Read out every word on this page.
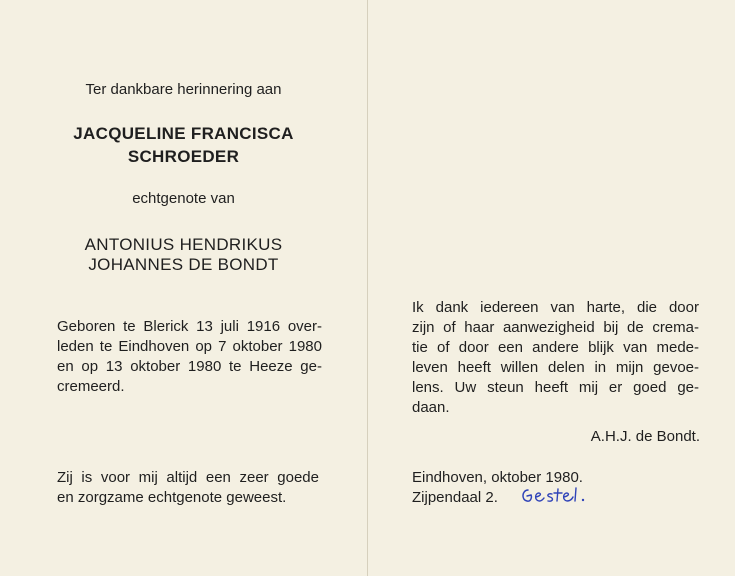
Ter dankbare herinnering aan
JACQUELINE FRANCISCA
SCHROEDER
echtgenote van
ANTONIUS HENDRIKUS
JOHANNES DE BONDT
Geboren te Blerick 13 juli 1916 over-
leden te Eindhoven op 7 oktober 1980
en op 13 oktober 1980 te Heeze ge-
cremeerd.
Zij is voor mij altijd een zeer goede
en zorgzame echtgenote geweest.
Ik dank iedereen van harte, die door
zijn of haar aanwezigheid bij de crema-
tie of door een andere blijk van mede-
leven heeft willen delen in mijn gevoe-
lens. Uw steun heeft mij er goed ge-
daan.
A.H.J. de Bondt.
Eindhoven, oktober 1980.
Zijpendaal 2.
